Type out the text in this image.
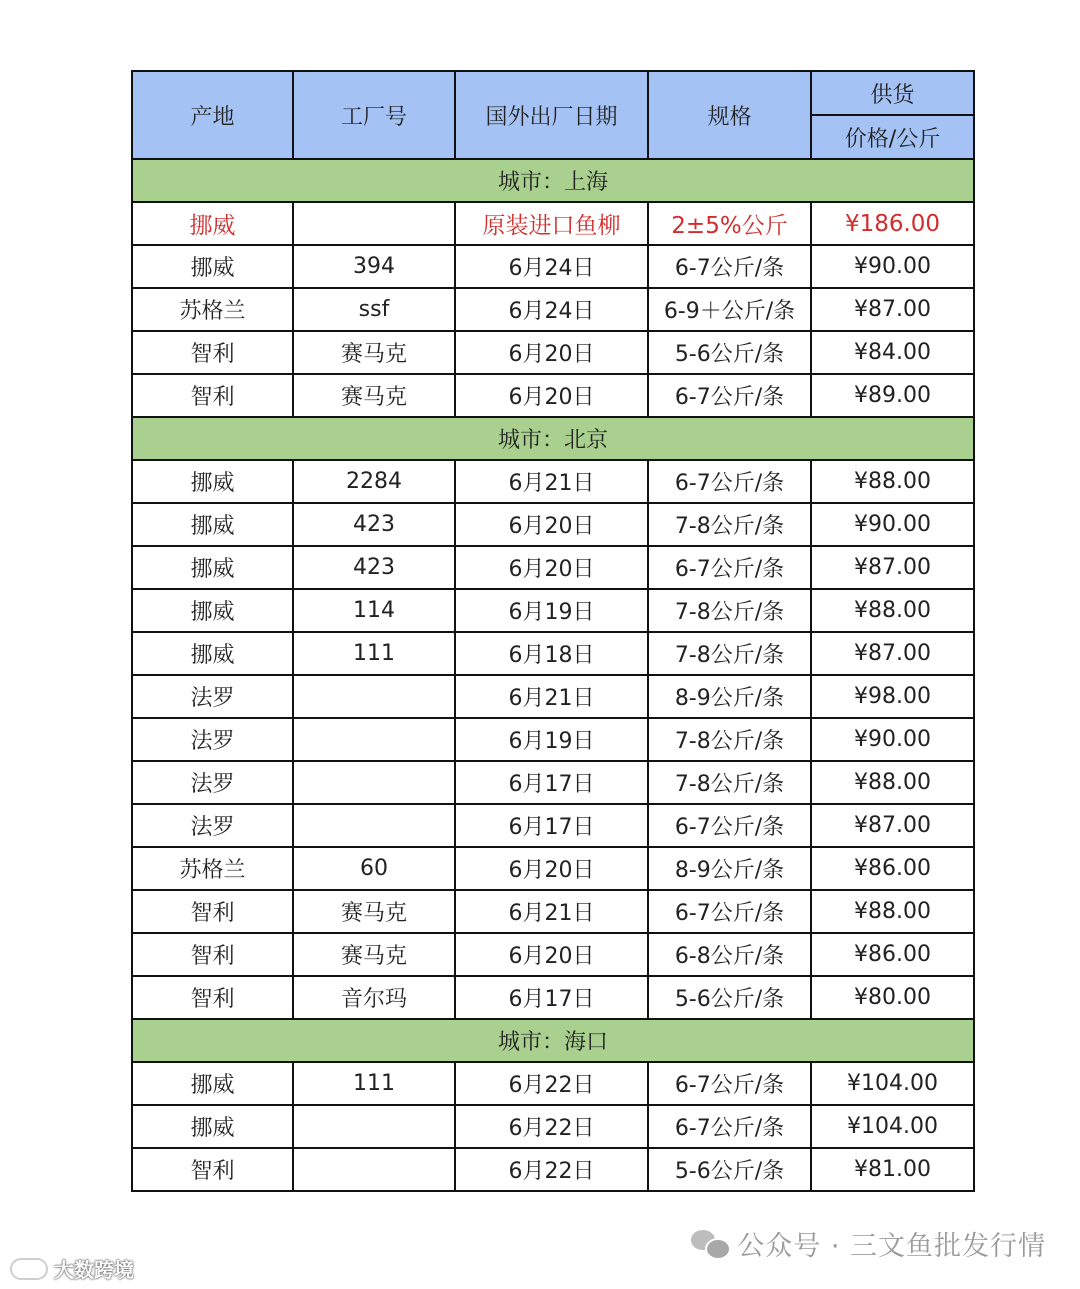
产地	工厂号	国外出厂日期	规格	供货
				价格/公斤
城市：上海				
挪威		原装进口鱼柳	2±5%公斤	¥186.00
挪威	394	6月24日	6-7公斤/条	¥90.00
苏格兰	ssf	6月24日	6-9＋公斤/条	¥87.00
智利	赛马克	6月20日	5-6公斤/条	¥84.00
智利	赛马克	6月20日	6-7公斤/条	¥89.00
城市：北京				
挪威	2284	6月21日	6-7公斤/条	¥88.00
挪威	423	6月20日	7-8公斤/条	¥90.00
挪威	423	6月20日	6-7公斤/条	¥87.00
挪威	114	6月19日	7-8公斤/条	¥88.00
挪威	111	6月18日	7-8公斤/条	¥87.00
法罗		6月21日	8-9公斤/条	¥98.00
法罗		6月19日	7-8公斤/条	¥90.00
法罗		6月17日	7-8公斤/条	¥88.00
法罗		6月17日	6-7公斤/条	¥87.00
苏格兰	60	6月20日	8-9公斤/条	¥86.00
智利	赛马克	6月21日	6-7公斤/条	¥88.00
智利	赛马克	6月20日	6-8公斤/条	¥86.00
智利	音尔玛	6月17日	5-6公斤/条	¥80.00
城市：海口				
挪威	111	6月22日	6-7公斤/条	¥104.00
挪威		6月22日	6-7公斤/条	¥104.00
智利		6月22日	5-6公斤/条	¥81.00
公众号 · 三文鱼批发行情
大数跨境
